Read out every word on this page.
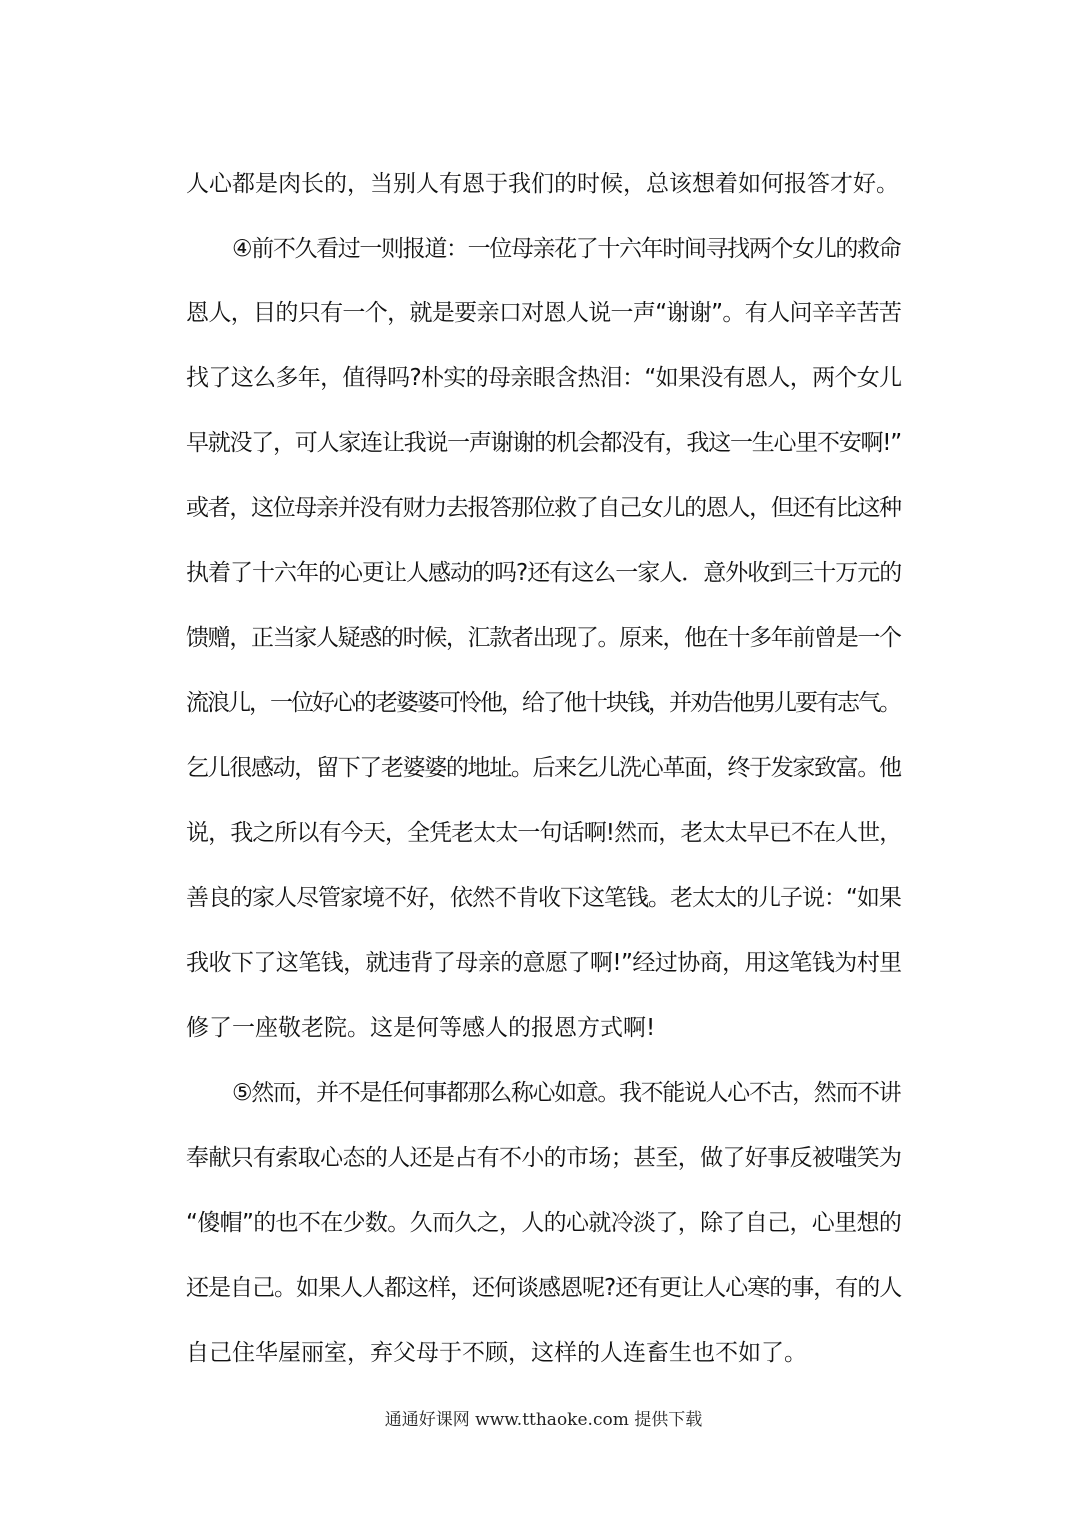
人心都是肉长的，当别人有恩于我们的时候，总该想着如何报答才好。
④前不久看过一则报道：一位母亲花了十六年时间寻找两个女儿的救命
恩人，目的只有一个，就是要亲口对恩人说一声“谢谢”。有人问辛辛苦苦
找了这么多年，值得吗?朴实的母亲眼含热泪：“如果没有恩人，两个女儿
早就没了，可人家连让我说一声谢谢的机会都没有，我这一生心里不安啊!”
或者，这位母亲并没有财力去报答那位救了自己女儿的恩人，但还有比这种
执着了十六年的心更让人感动的吗?还有这么一家人．意外收到三十万元的
馈赠，正当家人疑惑的时候，汇款者出现了。原来，他在十多年前曾是一个
流浪儿，一位好心的老婆婆可怜他，给了他十块钱，并劝告他男儿要有志气。
乞儿很感动，留下了老婆婆的地址。后来乞儿洗心革面，终于发家致富。他
说，我之所以有今天，全凭老太太一句话啊!然而，老太太早已不在人世，
善良的家人尽管家境不好，依然不肯收下这笔钱。老太太的儿子说：“如果
我收下了这笔钱，就违背了母亲的意愿了啊!”经过协商，用这笔钱为村里
修了一座敬老院。这是何等感人的报恩方式啊!
⑤然而，并不是任何事都那么称心如意。我不能说人心不古，然而不讲
奉献只有索取心态的人还是占有不小的市场；甚至，做了好事反被嗤笑为
“傻帽”的也不在少数。久而久之，人的心就冷淡了，除了自己，心里想的
还是自己。如果人人都这样，还何谈感恩呢?还有更让人心寒的事，有的人
自己住华屋丽室，弃父母于不顾，这样的人连畜生也不如了。
通通好课网 www.tthaoke.com 提供下载
